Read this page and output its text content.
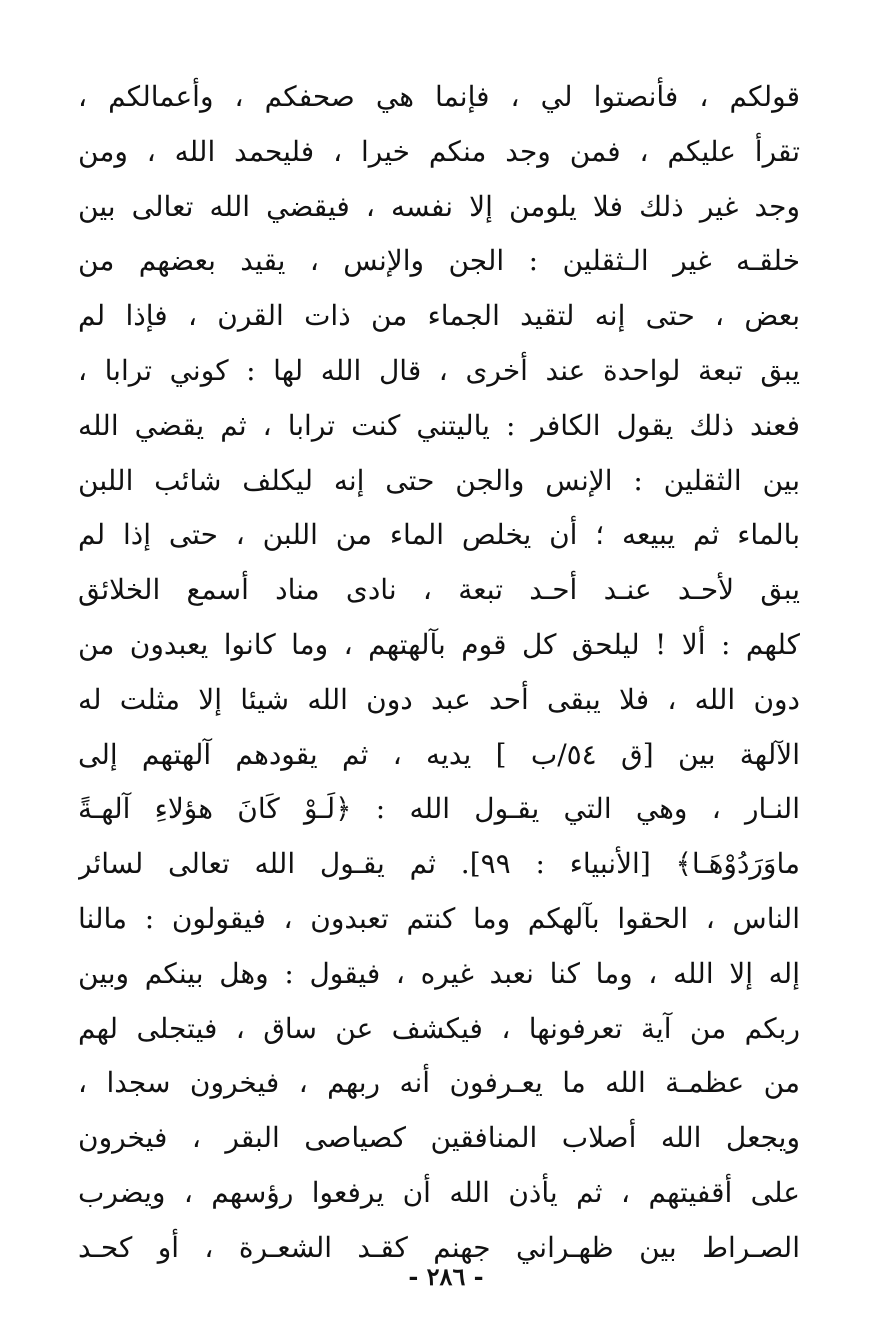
قولكم ، فأنصتوا لي ، فإنما هي صحفكم ، وأعمالكم ،
تقرأ عليكم ، فمن وجد منكم خيرا ، فليحمد الله ، ومن
وجد غير ذلك فلا يلومن إلا نفسه ، فيقضي الله تعالى بين
خلقـه غير الـثقلين : الجن والإنس ، يقيد بعضهم من
بعض ، حتى إنه لتقيد الجماء من ذات القرن ، فإذا لم
يبق تبعة لواحدة عند أخرى ، قال الله لها : كوني ترابا ،
فعند ذلك يقول الكافر : ياليتني كنت ترابا ، ثم يقضي الله
بين الثقلين : الإنس والجن حتى إنه ليكلف شائب اللبن
بالماء ثم يبيعه ؛ أن يخلص الماء من اللبن ، حتى إذا لم
يبق لأحـد عنـد أحـد تبعة ، نادى مناد أسمع الخلائق
كلهم : ألا ! ليلحق كل قوم بآلهتهم ، وما كانوا يعبدون من
دون الله ، فلا يبقى أحد عبد دون الله شيئا إلا مثلت له
الآلهة بين [ق ٥٤/ب ] يديه ، ثم يقودهم آلهتهم إلى
النـار ، وهي التي يقـول الله : ﴿لَـوْ كَانَ هؤلاءِ آلهـةً
ماوَرَدُوْهَـا﴾ [الأنبياء : ٩٩]. ثم يقـول الله تعالى لسائر
الناس ، الحقوا بآلهكم وما كنتم تعبدون ، فيقولون : مالنا
إله إلا الله ، وما كنا نعبد غيره ، فيقول : وهل بينكم وبين
ربكم من آية تعرفونها ، فيكشف عن ساق ، فيتجلى لهم
من عظمـة الله ما يعـرفون أنه ربهم ، فيخرون سجدا ،
ويجعل الله أصلاب المنافقين كصياصى البقر ، فيخرون
على أقفيتهم ، ثم يأذن الله أن يرفعوا رؤسهم ، ويضرب
الصـراط بين ظهـراني جهنم كقـد الشعـرة ، أو كحـد
- ٢٨٦ -
